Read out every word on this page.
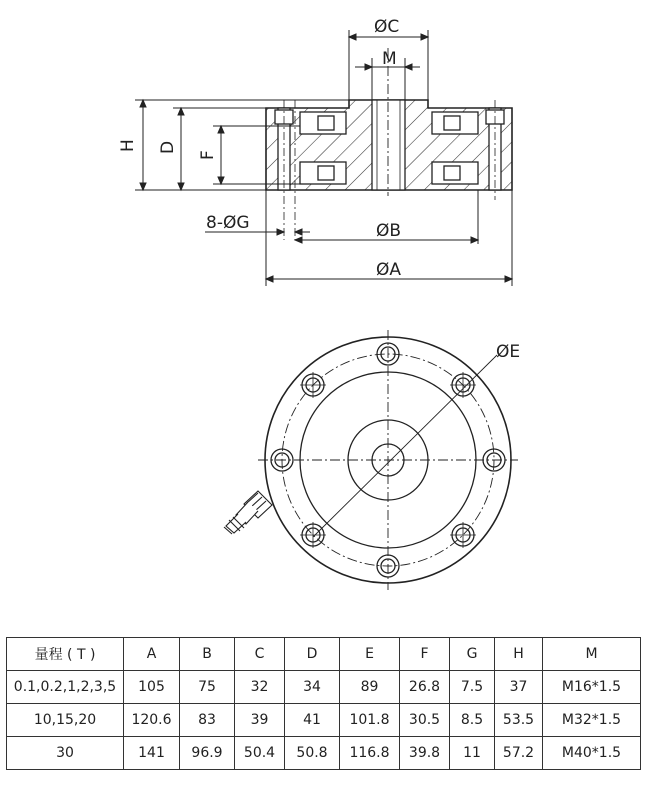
ØC
M
H D
F
8-ØG	ØB
ØA
ØE
量程 ( T )	A	B	C	D	E	F	G	H	M
0.1,0.2,1,2,3,5	105	75	32	34	89	26.8	7.5	37	M16*1.5
10,15,20	120.6	83	39	41	101.8	30.5	8.5	53.5	M32*1.5
30	141	96.9	50.4	50.8	116.8	39.8	11	57.2	M40*1.5
